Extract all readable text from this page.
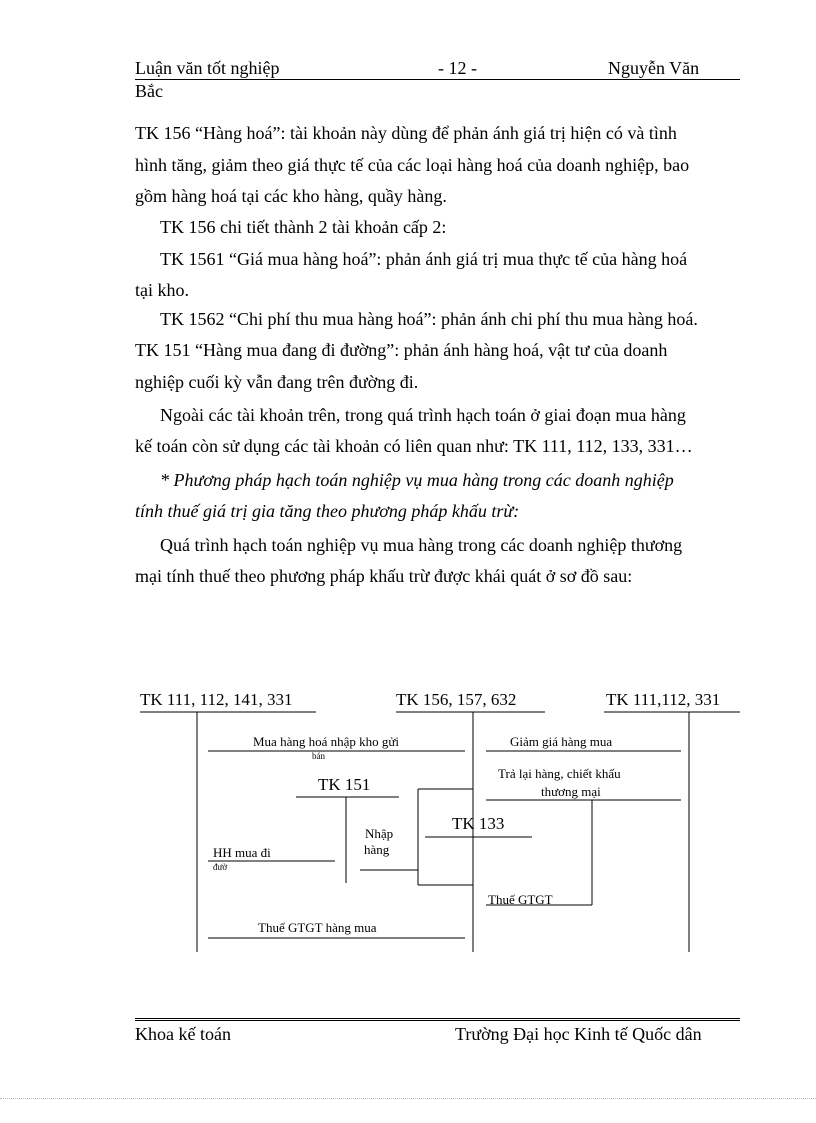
Luận văn tốt nghiệp	- 12 -	Nguyễn Văn
Bắc
TK 156 “Hàng hoá”: tài khoản này dùng để phản ánh giá trị hiện có và tình
hình tăng, giảm theo giá thực tế của các loại hàng hoá của doanh nghiệp, bao
gồm hàng hoá tại các kho hàng, quầy hàng.
TK 156 chi tiết thành 2 tài khoản cấp 2:
TK 1561 “Giá mua hàng hoá”: phản ánh giá trị mua thực tế của hàng hoá
tại kho.
TK 1562 “Chi phí thu mua hàng hoá”: phản ánh chi phí thu mua hàng hoá.
TK 151 “Hàng mua đang đi đường”: phản ánh hàng hoá, vật tư của doanh
nghiệp cuối kỳ vẫn đang trên đường đi.
Ngoài các tài khoản trên, trong quá trình hạch toán ở giai đoạn mua hàng
kế toán còn sử dụng các tài khoản có liên quan như: TK 111, 112, 133, 331…
* Phương pháp hạch toán nghiệp vụ mua hàng trong các doanh nghiệp
tính thuế giá trị gia tăng theo phương pháp khấu trừ:
Quá trình hạch toán nghiệp vụ mua hàng trong các doanh nghiệp thương
mại tính thuế theo phương pháp khấu trừ được khái quát ở sơ đồ sau:
TK 111, 112, 141, 331	TK 156, 157, 632	TK 111,112, 331
TK 151
TK 133
Mua hàng hoá nhập kho gửi
bán
Giảm giá hàng mua
Trả lại hàng, chiết khấu
thương mại
Nhập
hàng
HH mua đi
đườ
Thuế GTGT
Thuế GTGT hàng mua
Khoa kế toán	Trường Đại học Kinh tế Quốc dân
